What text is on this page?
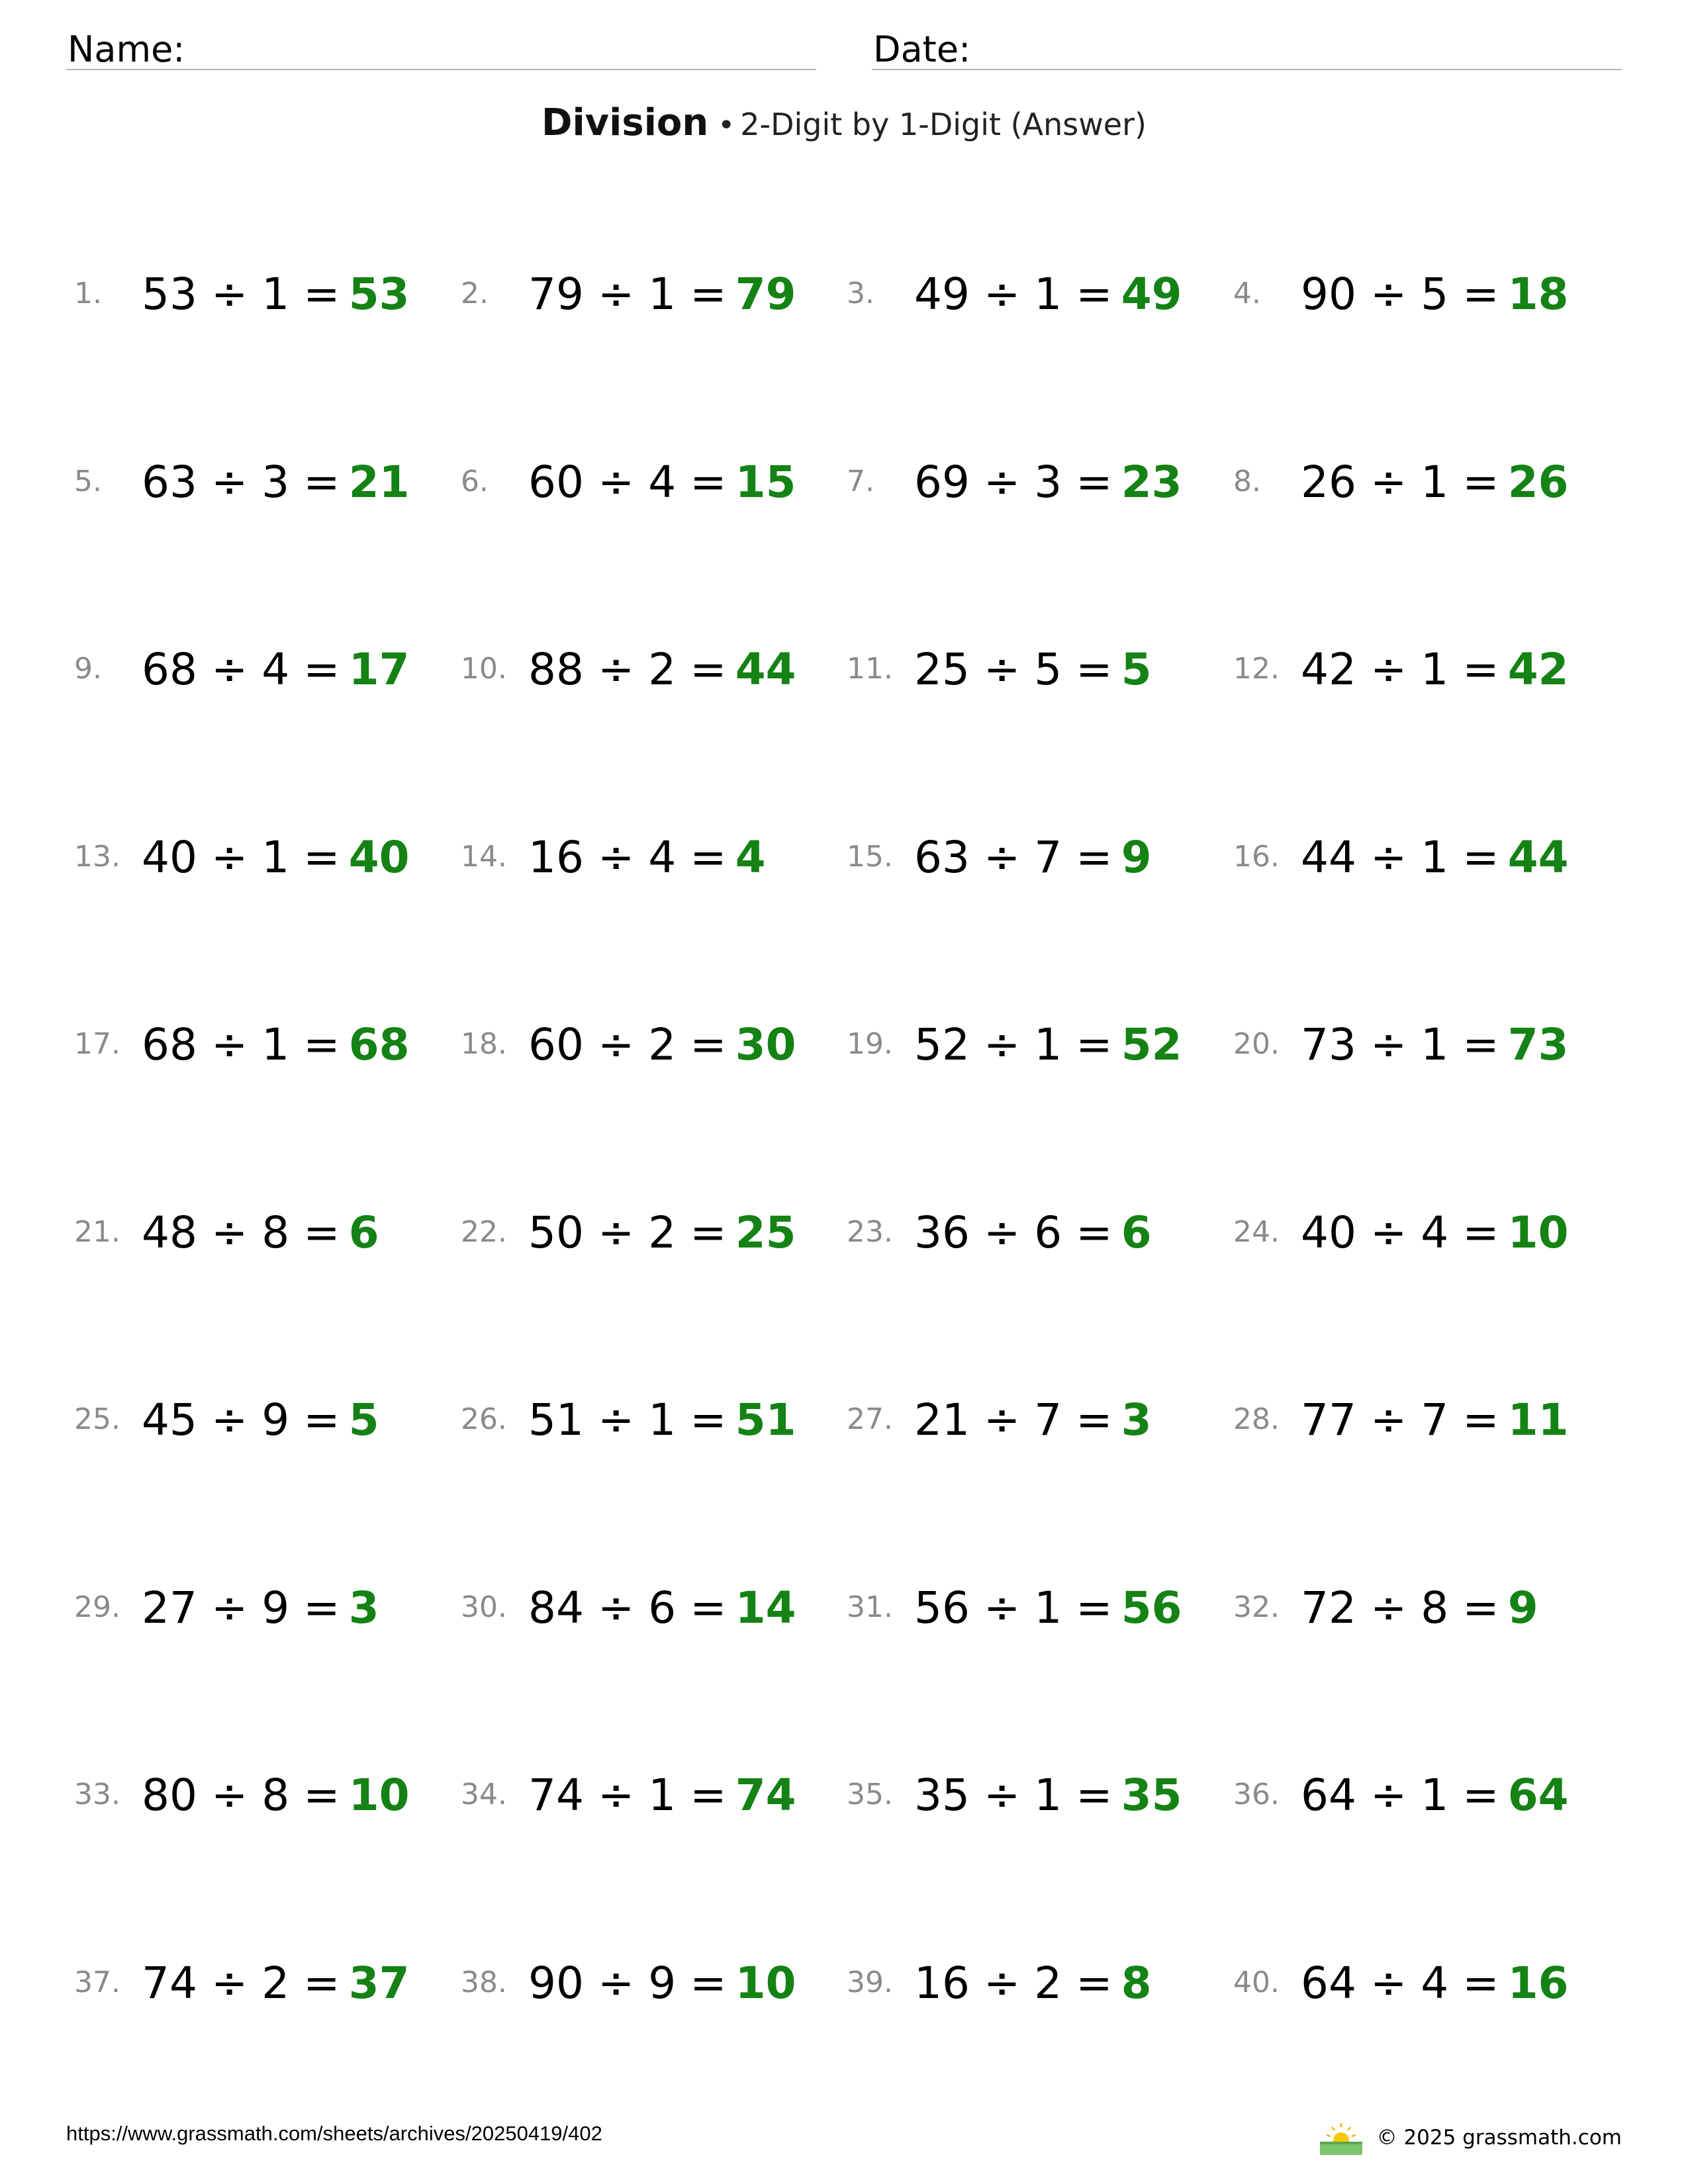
Name:	Date:
Division • 2-Digit by 1-Digit (Answer)
1. 53 ÷ 1 =  53 2. 79 ÷ 1 =  79 3. 49 ÷ 1 =  49 4. 90 ÷ 5 =  18
5. 63 ÷ 3 =  21 6. 60 ÷ 4 =  15 7. 69 ÷ 3 =  23 8. 26 ÷ 1 =  26
9. 68 ÷ 4 =  17 10. 88 ÷ 2 =  44 11. 25 ÷ 5 =  5	12. 42 ÷ 1 =  42
13. 40 ÷ 1 =  40 14. 16 ÷ 4 =  4	15. 63 ÷ 7 =  9	16. 44 ÷ 1 =  44
17. 68 ÷ 1 =  68 18. 60 ÷ 2 =  30 19. 52 ÷ 1 =  52 20. 73 ÷ 1 =  73
21. 48 ÷ 8 =  6	22. 50 ÷ 2 =  25 23. 36 ÷ 6 =  6	24. 40 ÷ 4 =  10
25. 45 ÷ 9 =  5	26. 51 ÷ 1 =  51 27. 21 ÷ 7 =  3	28. 77 ÷ 7 =  11
29. 27 ÷ 9 =  3	30. 84 ÷ 6 =  14 31. 56 ÷ 1 =  56 32. 72 ÷ 8 =  9
33. 80 ÷ 8 =  10 34. 74 ÷ 1 =  74 35. 35 ÷ 1 =  35 36. 64 ÷ 1 =  64
37. 74 ÷ 2 =  37 38. 90 ÷ 9 =  10 39. 16 ÷ 2 =  8	40. 64 ÷ 4 =  16
https://www.grassmath.com/sheets/archives/20250419/402	© 2025 grassmath.com
